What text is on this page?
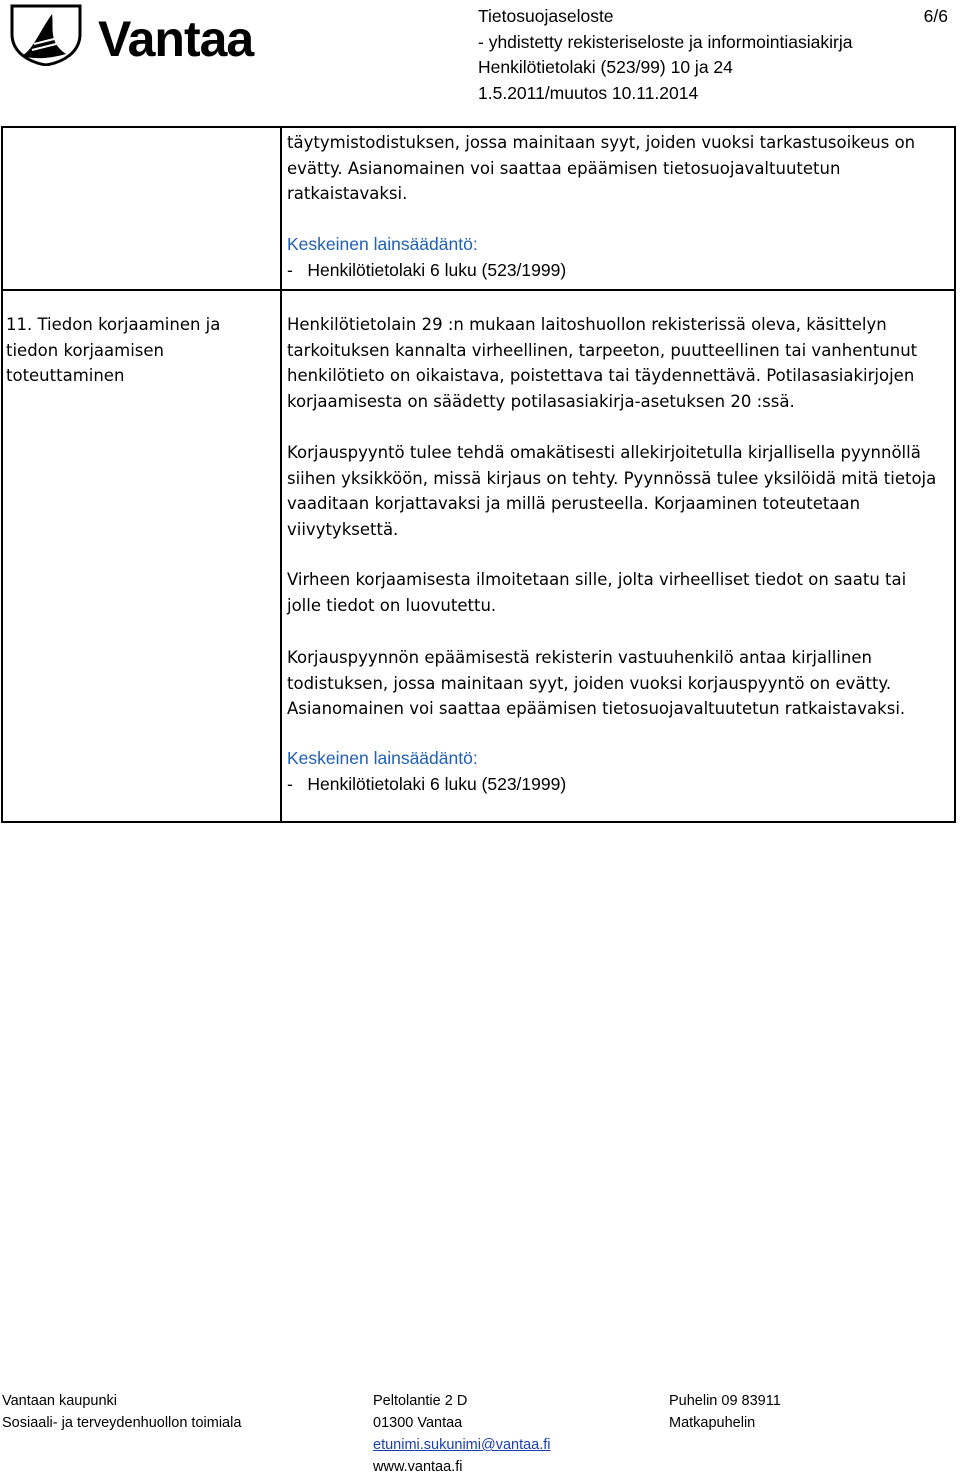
Vantaa	Tietosuojaseloste	6/6
- yhdistetty rekisteriseloste ja informointiasiakirja
Henkilötietolaki (523/99) 10 ja 24
1.5.2011/muutos 10.11.2014
täytymistodistuksen, jossa mainitaan syyt, joiden vuoksi tarkastusoikeus on evätty. Asianomainen voi saattaa epäämisen tietosuojavaltuutetun ratkaistavaksi.
Keskeinen lainsäädäntö:
-   Henkilötietolaki 6 luku (523/1999)
11. Tiedon korjaaminen ja tiedon korjaamisen toteuttaminen
Henkilötietolain 29 :n mukaan laitoshuollon rekisterissä oleva, käsittelyn tarkoituksen kannalta virheellinen, tarpeeton, puutteellinen tai vanhentunut henkilötieto on oikaistava, poistettava tai täydennettävä. Potilasasiakirjojen korjaamisesta on säädetty potilasasiakirja-asetuksen 20 :ssä.
Korjauspyyntö tulee tehdä omakätisesti allekirjoitetulla kirjallisella pyynnöllä siihen yksikköön, missä kirjaus on tehty. Pyynnössä tulee yksilöidä mitä tietoja vaaditaan korjattavaksi ja millä perusteella. Korjaaminen toteutetaan viivytyksettä.
Virheen korjaamisesta ilmoitetaan sille, jolta virheelliset tiedot on saatu tai jolle tiedot on luovutettu.
Korjauspyynnön epäämisestä rekisterin vastuuhenkilö antaa kirjallinen todistuksen, jossa mainitaan syyt, joiden vuoksi korjauspyyntö on evätty. Asianomainen voi saattaa epäämisen tietosuojavaltuutetun ratkaistavaksi.
Keskeinen lainsäädäntö:
-   Henkilötietolaki 6 luku (523/1999)
Vantaan kaupunki
Sosiaali- ja terveydenhuollon toimiala
Peltolantie 2 D
01300 Vantaa
etunimi.sukunimi@vantaa.fi
www.vantaa.fi
Puhelin 09 83911
Matkapuhelin
